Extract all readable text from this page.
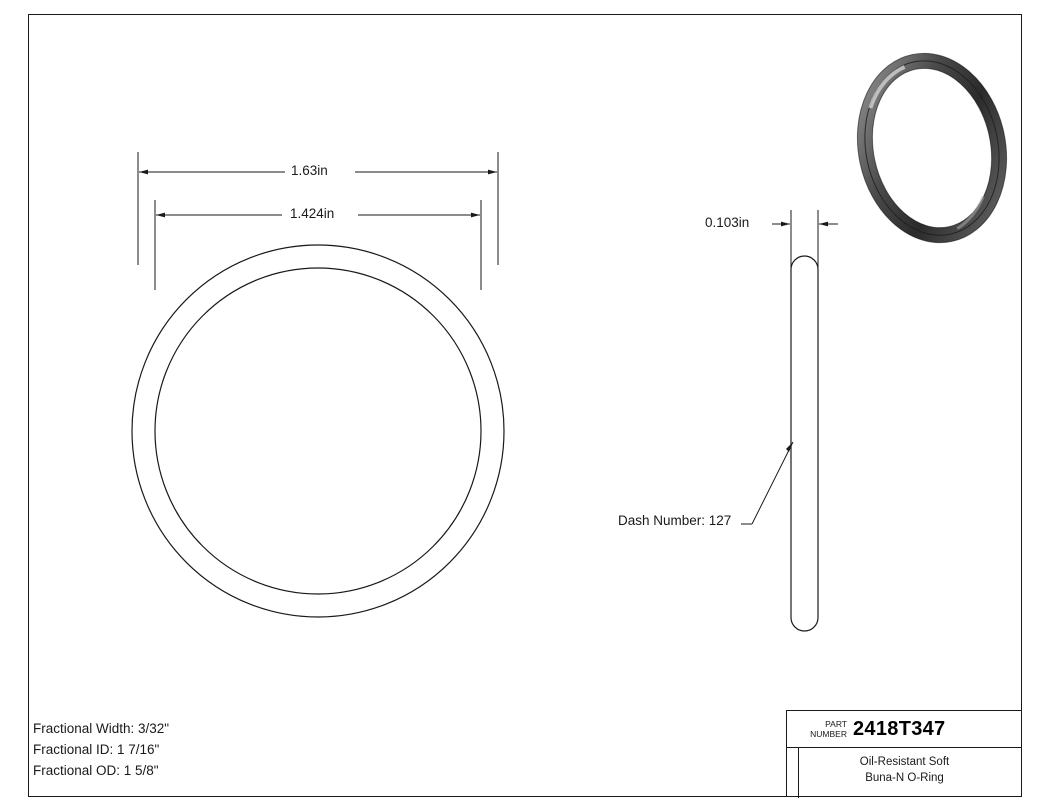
1.63in
1.424in
0.103in
Dash Number: 127
Fractional Width: 3/32"
Fractional ID: 1 7/16"
Fractional OD: 1 5/8"
PART
NUMBER 2418T347
Oil-Resistant Soft
Buna-N O-Ring
